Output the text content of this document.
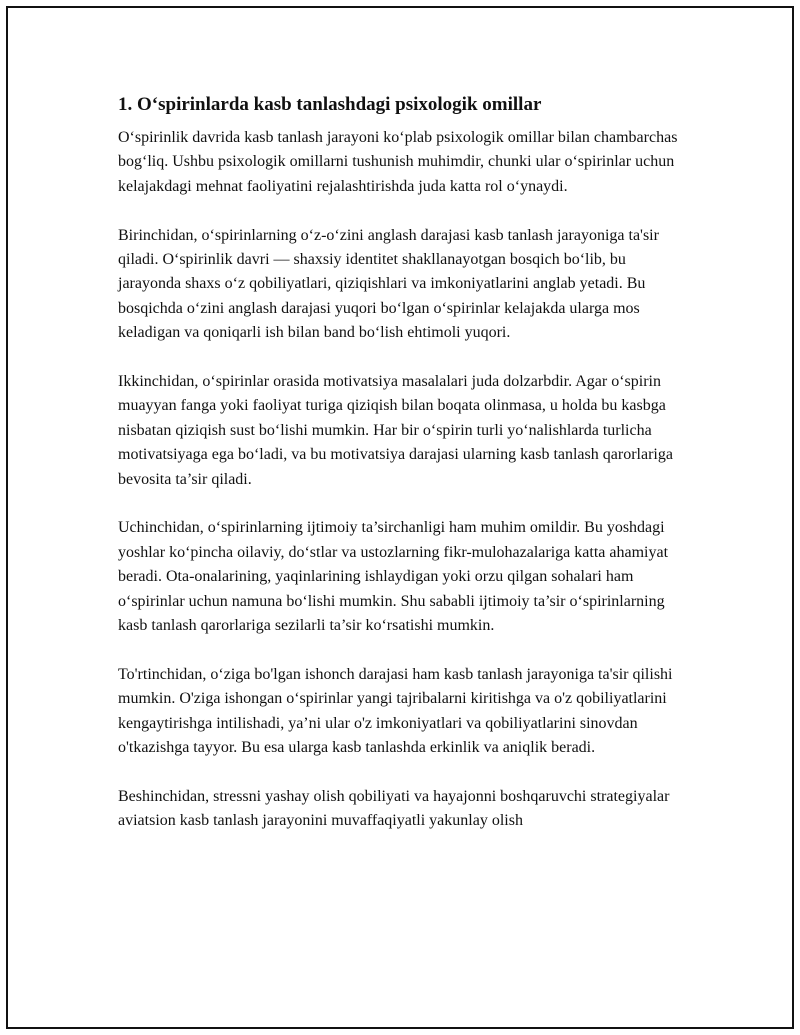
1. O‘spirinlarda kasb tanlashdagi psixologik omillar

O‘spirinlik davrida kasb tanlash jarayoni ko‘plab psixologik omillar bilan chambarchas bog‘liq. Ushbu psixologik omillarni tushunish muhimdir, chunki ular o‘spirinlar uchun kelajakdagi mehnat faoliyatini rejalashtirishda juda katta rol o‘ynaydi.

Birinchidan, o‘spirinlarning o‘z-o‘zini anglash darajasi kasb tanlash jarayoniga ta'sir qiladi. O‘spirinlik davri — shaxsiy identitet shakllanayotgan bosqich bo‘lib, bu jarayonda shaxs o‘z qobiliyatlari, qiziqishlari va imkoniyatlarini anglab yetadi. Bu bosqichda o‘zini anglash darajasi yuqori bo‘lgan o‘spirinlar kelajakda ularga mos keladigan va qoniqarli ish bilan band bo‘lish ehtimoli yuqori.

Ikkinchidan, o‘spirinlar orasida motivatsiya masalalari juda dolzarbdir. Agar o‘spirin muayyan fanga yoki faoliyat turiga qiziqish bilan boqata olinmasa, u holda bu kasbga nisbatan qiziqish sust bo‘lishi mumkin. Har bir o‘spirin turli yo‘nalishlarda turlicha motivatsiyaga ega bo‘ladi, va bu motivatsiya darajasi ularning kasb tanlash qarorlariga bevosita ta’sir qiladi.

Uchinchidan, o‘spirinlarning ijtimoiy ta’sirchanligi ham muhim omildir. Bu yoshdagi yoshlar ko‘pincha oilaviy, do‘stlar va ustozlarning fikr-mulohazalariga katta ahamiyat beradi. Ota-onalarining, yaqinlarining ishlaydigan yoki orzu qilgan sohalari ham o‘spirinlar uchun namuna bo‘lishi mumkin. Shu sababli ijtimoiy ta’sir o‘spirinlarning kasb tanlash qarorlariga sezilarli ta’sir ko‘rsatishi mumkin.

To'rtinchidan, o‘ziga bo'lgan ishonch darajasi ham kasb tanlash jarayoniga ta'sir qilishi mumkin. O'ziga ishongan o‘spirinlar yangi tajribalarni kiritishga va o'z qobiliyatlarini kengaytirishga intilishadi, ya’ni ular o'z imkoniyatlari va qobiliyatlarini sinovdan o'tkazishga tayyor. Bu esa ularga kasb tanlashda erkinlik va aniqlik beradi.

Beshinchidan, stressni yashay olish qobiliyati va hayajonni boshqaruvchi strategiyalar aviatsion kasb tanlash jarayonini muvaffaqiyatli yakunlay olish
